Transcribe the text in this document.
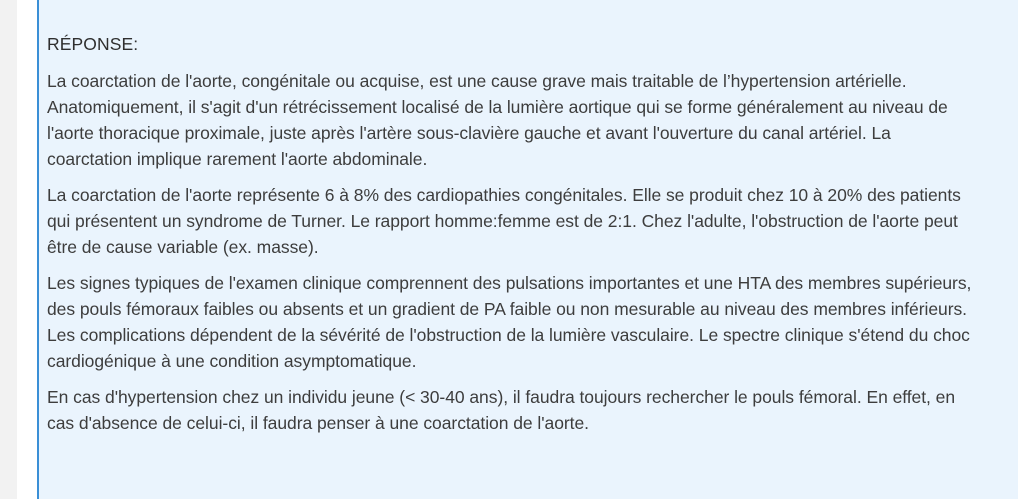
RÉPONSE:

La coarctation de l'aorte, congénitale ou acquise, est une cause grave mais traitable de l’hypertension artérielle. Anatomiquement, il s'agit d'un rétrécissement localisé de la lumière aortique qui se forme généralement au niveau de l'aorte thoracique proximale, juste après l'artère sous-clavière gauche et avant l'ouverture du canal artériel. La coarctation implique rarement l'aorte abdominale.

La coarctation de l'aorte représente 6 à 8% des cardiopathies congénitales. Elle se produit chez 10 à 20% des patients qui présentent un syndrome de Turner. Le rapport homme:femme est de 2:1. Chez l'adulte, l'obstruction de l'aorte peut être de cause variable (ex. masse).

Les signes typiques de l'examen clinique comprennent des pulsations importantes et une HTA des membres supérieurs, des pouls fémoraux faibles ou absents et un gradient de PA faible ou non mesurable au niveau des membres inférieurs. Les complications dépendent de la sévérité de l'obstruction de la lumière vasculaire. Le spectre clinique s'étend du choc cardiogénique à une condition asymptomatique.

En cas d'hypertension chez un individu jeune (< 30-40 ans), il faudra toujours rechercher le pouls fémoral. En effet, en cas d'absence de celui-ci, il faudra penser à une coarctation de l'aorte.
